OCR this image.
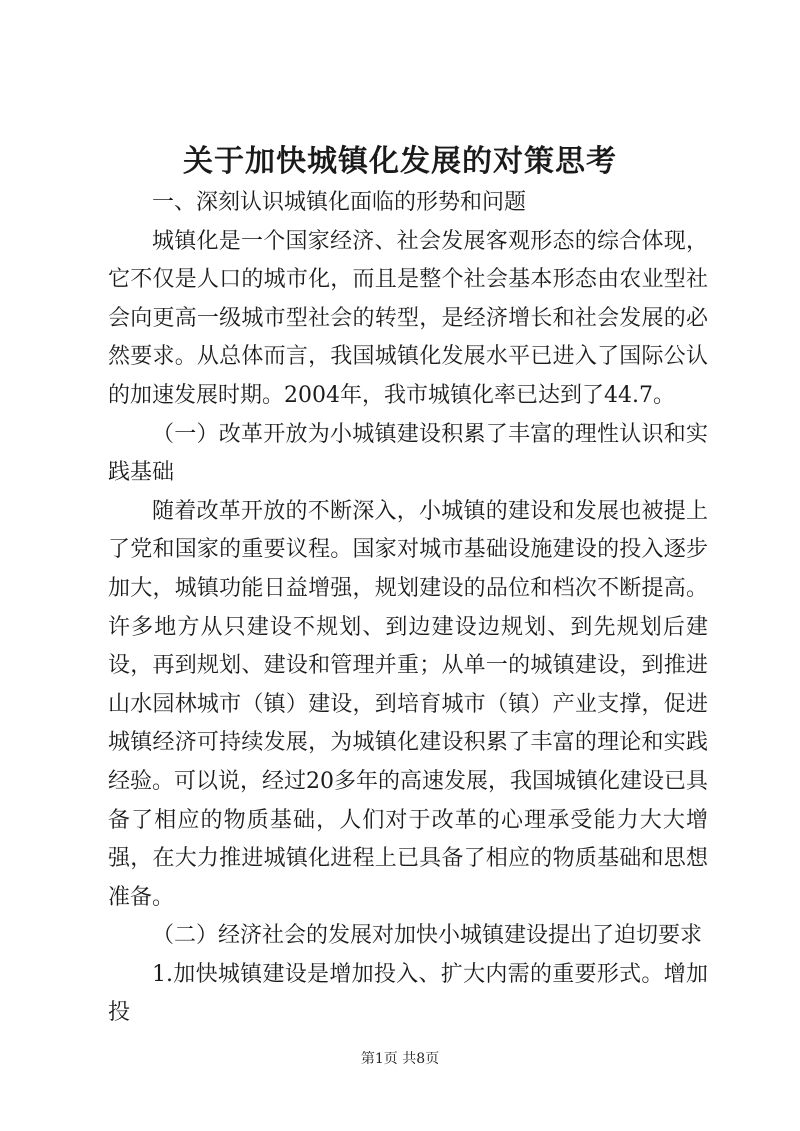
关于加快城镇化发展的对策思考

一、深刻认识城镇化面临的形势和问题

城镇化是一个国家经济、社会发展客观形态的综合体现，它不仅是人口的城市化，而且是整个社会基本形态由农业型社会向更高一级城市型社会的转型，是经济增长和社会发展的必然要求。从总体而言，我国城镇化发展水平已进入了国际公认的加速发展时期。2004年，我市城镇化率已达到了44.7。

（一）改革开放为小城镇建设积累了丰富的理性认识和实践基础

随着改革开放的不断深入，小城镇的建设和发展也被提上了党和国家的重要议程。国家对城市基础设施建设的投入逐步加大，城镇功能日益增强，规划建设的品位和档次不断提高。许多地方从只建设不规划、到边建设边规划、到先规划后建设，再到规划、建设和管理并重；从单一的城镇建设，到推进山水园林城市（镇）建设，到培育城市（镇）产业支撑，促进城镇经济可持续发展，为城镇化建设积累了丰富的理论和实践经验。可以说，经过20多年的高速发展，我国城镇化建设已具备了相应的物质基础，人们对于改革的心理承受能力大大增强，在大力推进城镇化进程上已具备了相应的物质基础和思想准备。

（二）经济社会的发展对加快小城镇建设提出了迫切要求

1.加快城镇建设是增加投入、扩大内需的重要形式。增加投

第1页 共8页
